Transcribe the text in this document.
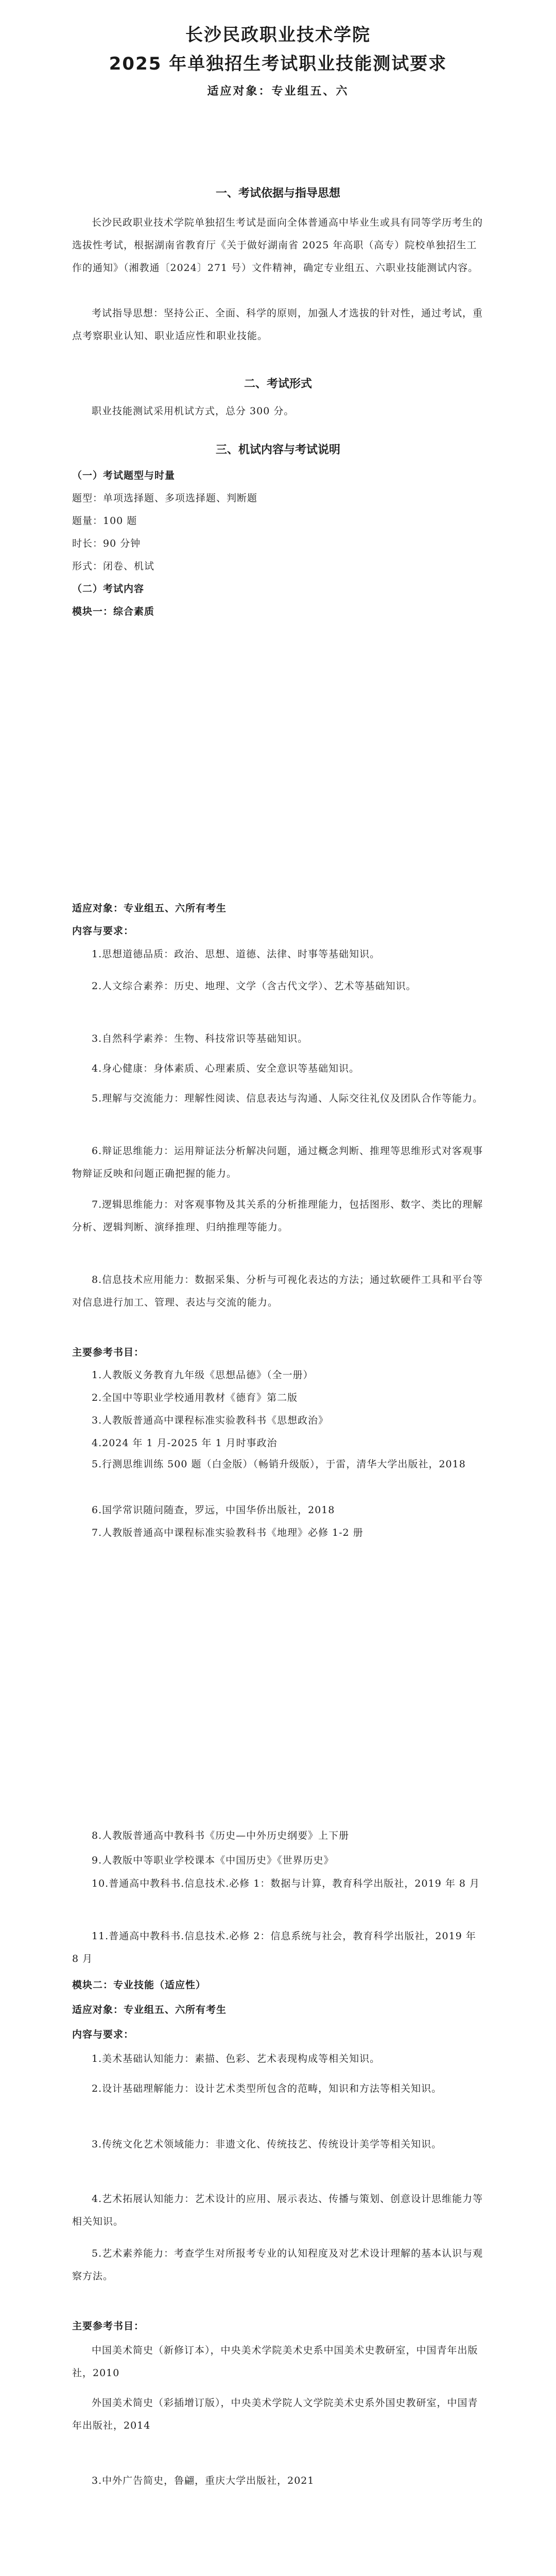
长沙民政职业技术学院
2025 年单独招生考试职业技能测试要求
适应对象：专业组五、六
一、考试依据与指导思想
长沙民政职业技术学院单独招生考试是面向全体普通高中毕业生或具有同等学历考生的选拔性考试，根据湖南省教育厅《关于做好湖南省 2025 年高职（高专）院校单独招生工作的通知》（湘教通〔2024〕271 号）文件精神，确定专业组五、六职业技能测试内容。
考试指导思想：坚持公正、全面、科学的原则，加强人才选拔的针对性，通过考试，重点考察职业认知、职业适应性和职业技能。
二、考试形式
职业技能测试采用机试方式，总分 300 分。
三、机试内容与考试说明
（一）考试题型与时量
题型：单项选择题、多项选择题、判断题
题量：100 题
时长：90 分钟
形式：闭卷、机试
（二）考试内容
模块一：综合素质
适应对象：专业组五、六所有考生
内容与要求：
1.思想道德品质：政治、思想、道德、法律、时事等基础知识。
2.人文综合素养：历史、地理、文学（含古代文学）、艺术等基础知识。
3.自然科学素养：生物、科技常识等基础知识。
4.身心健康：身体素质、心理素质、安全意识等基础知识。
5.理解与交流能力：理解性阅读、信息表达与沟通、人际交往礼仪及团队合作等能力。
6.辩证思维能力：运用辩证法分析解决问题，通过概念判断、推理等思维形式对客观事物辩证反映和问题正确把握的能力。
7.逻辑思维能力：对客观事物及其关系的分析推理能力，包括图形、数字、类比的理解分析、逻辑判断、演绎推理、归纳推理等能力。
8.信息技术应用能力：数据采集、分析与可视化表达的方法；通过软硬件工具和平台等对信息进行加工、管理、表达与交流的能力。
主要参考书目：
1.人教版义务教育九年级《思想品德》（全一册）
2.全国中等职业学校通用教材《德育》第二版
3.人教版普通高中课程标准实验教科书《思想政治》
4.2024 年 1 月-2025 年 1 月时事政治
5.行测思维训练 500 题（白金版）（畅销升级版），于雷，清华大学出版社，2018
6.国学常识随问随查，罗远，中国华侨出版社，2018
7.人教版普通高中课程标准实验教科书《地理》必修 1-2 册
8.人教版普通高中教科书《历史—中外历史纲要》上下册
9.人教版中等职业学校课本《中国历史》《世界历史》
10.普通高中教科书.信息技术.必修 1：数据与计算，教育科学出版社，2019 年 8 月
11.普通高中教科书.信息技术.必修 2：信息系统与社会，教育科学出版社，2019 年 8 月
模块二：专业技能（适应性）
适应对象：专业组五、六所有考生
内容与要求：
1.美术基础认知能力：素描、色彩、艺术表现构成等相关知识。
2.设计基础理解能力：设计艺术类型所包含的范畴，知识和方法等相关知识。
3.传统文化艺术领域能力：非遗文化、传统技艺、传统设计美学等相关知识。
4.艺术拓展认知能力：艺术设计的应用、展示表达、传播与策划、创意设计思维能力等相关知识。
5.艺术素养能力：考查学生对所报考专业的认知程度及对艺术设计理解的基本认识与观察方法。
主要参考书目：
中国美术简史（新修订本），中央美术学院美术史系中国美术史教研室，中国青年出版社，2010
外国美术简史（彩插增订版），中央美术学院人文学院美术史系外国史教研室，中国青年出版社，2014
3.中外广告简史，鲁翩，重庆大学出版社，2021
